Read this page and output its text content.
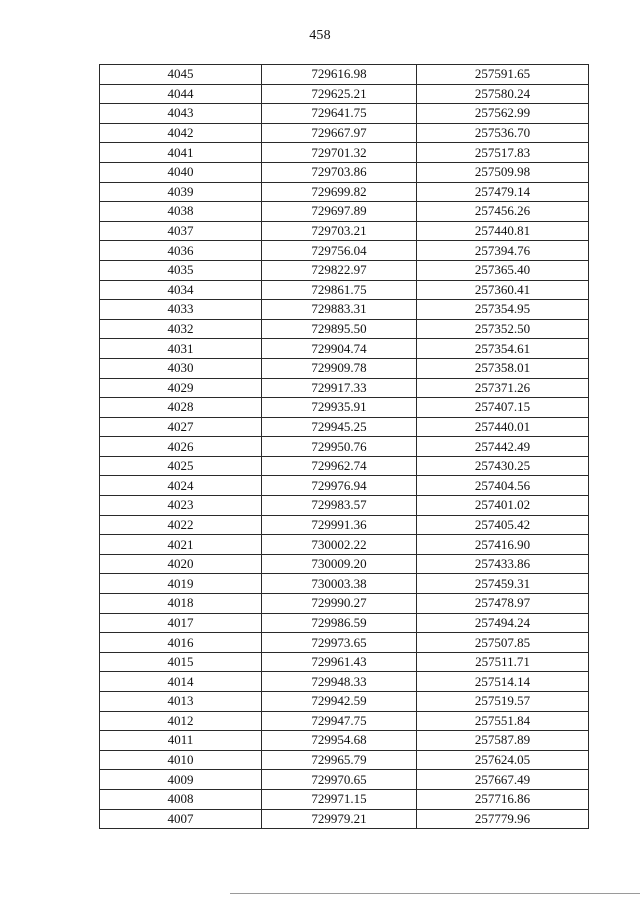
458
4045	729616.98	257591.65
4044	729625.21	257580.24
4043	729641.75	257562.99
4042	729667.97	257536.70
4041	729701.32	257517.83
4040	729703.86	257509.98
4039	729699.82	257479.14
4038	729697.89	257456.26
4037	729703.21	257440.81
4036	729756.04	257394.76
4035	729822.97	257365.40
4034	729861.75	257360.41
4033	729883.31	257354.95
4032	729895.50	257352.50
4031	729904.74	257354.61
4030	729909.78	257358.01
4029	729917.33	257371.26
4028	729935.91	257407.15
4027	729945.25	257440.01
4026	729950.76	257442.49
4025	729962.74	257430.25
4024	729976.94	257404.56
4023	729983.57	257401.02
4022	729991.36	257405.42
4021	730002.22	257416.90
4020	730009.20	257433.86
4019	730003.38	257459.31
4018	729990.27	257478.97
4017	729986.59	257494.24
4016	729973.65	257507.85
4015	729961.43	257511.71
4014	729948.33	257514.14
4013	729942.59	257519.57
4012	729947.75	257551.84
4011	729954.68	257587.89
4010	729965.79	257624.05
4009	729970.65	257667.49
4008	729971.15	257716.86
4007	729979.21	257779.96
